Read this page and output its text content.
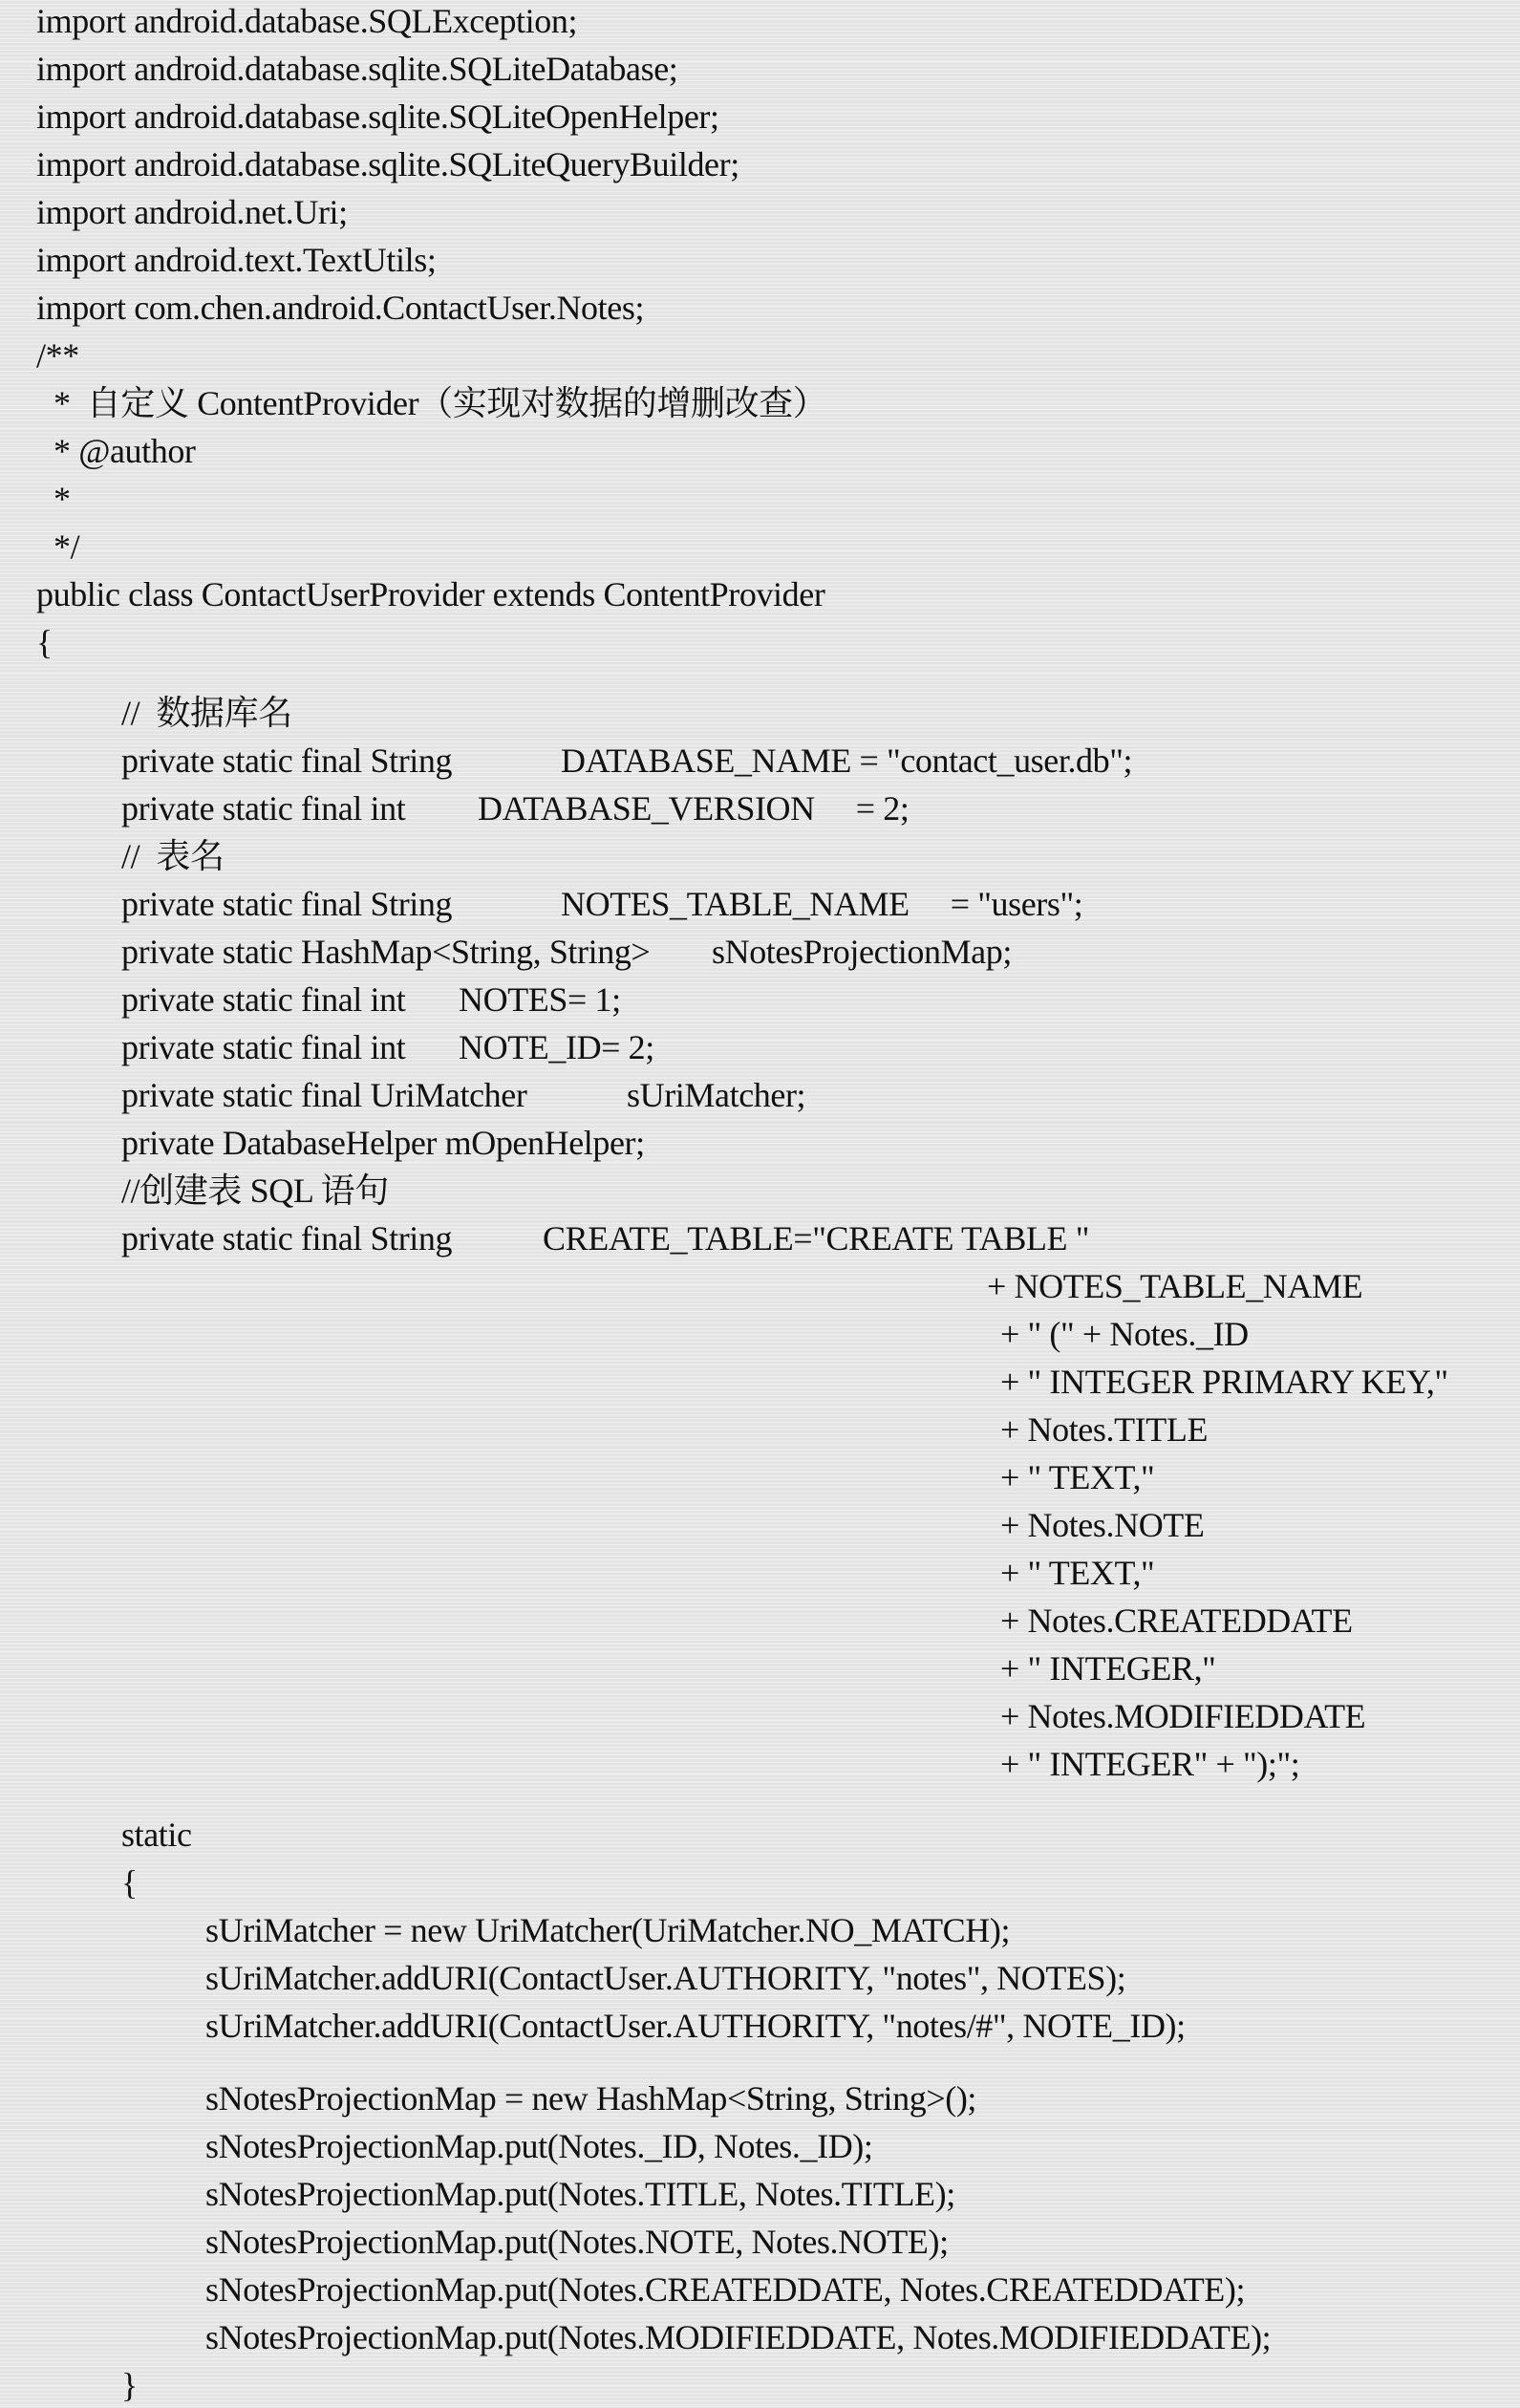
import android.database.SQLException;
import android.database.sqlite.SQLiteDatabase;
import android.database.sqlite.SQLiteOpenHelper;
import android.database.sqlite.SQLiteQueryBuilder;
import android.net.Uri;
import android.text.TextUtils;
import com.chen.android.ContactUser.Notes;
/**
*  自定义 ContentProvider（实现对数据的增删改查）
* @author
*
*/
public class ContactUserProvider extends ContentProvider
{
//  数据库名
private static final String	DATABASE_NAME = "contact_user.db";
private static final int DATABASE_VERSION     = 2;
//  表名
private static final String	NOTES_TABLE_NAME     = "users";
private static HashMap<String, String> sNotesProjectionMap;
private static final int NOTES= 1;
private static final int NOTE_ID= 2;
private static final UriMatcher	sUriMatcher;
private DatabaseHelper mOpenHelper;
//创建表 SQL 语句
private static final String	CREATE_TABLE="CREATE TABLE "
+ NOTES_TABLE_NAME
+ " (" + Notes._ID
+ " INTEGER PRIMARY KEY,"
+ Notes.TITLE
+ " TEXT,"
+ Notes.NOTE
+ " TEXT,"
+ Notes.CREATEDDATE
+ " INTEGER,"
+ Notes.MODIFIEDDATE
+ " INTEGER" + ");";
static
{
sUriMatcher = new UriMatcher(UriMatcher.NO_MATCH);
sUriMatcher.addURI(ContactUser.AUTHORITY, "notes", NOTES);
sUriMatcher.addURI(ContactUser.AUTHORITY, "notes/#", NOTE_ID);
sNotesProjectionMap = new HashMap<String, String>();
sNotesProjectionMap.put(Notes._ID, Notes._ID);
sNotesProjectionMap.put(Notes.TITLE, Notes.TITLE);
sNotesProjectionMap.put(Notes.NOTE, Notes.NOTE);
sNotesProjectionMap.put(Notes.CREATEDDATE, Notes.CREATEDDATE);
sNotesProjectionMap.put(Notes.MODIFIEDDATE, Notes.MODIFIEDDATE);
}
